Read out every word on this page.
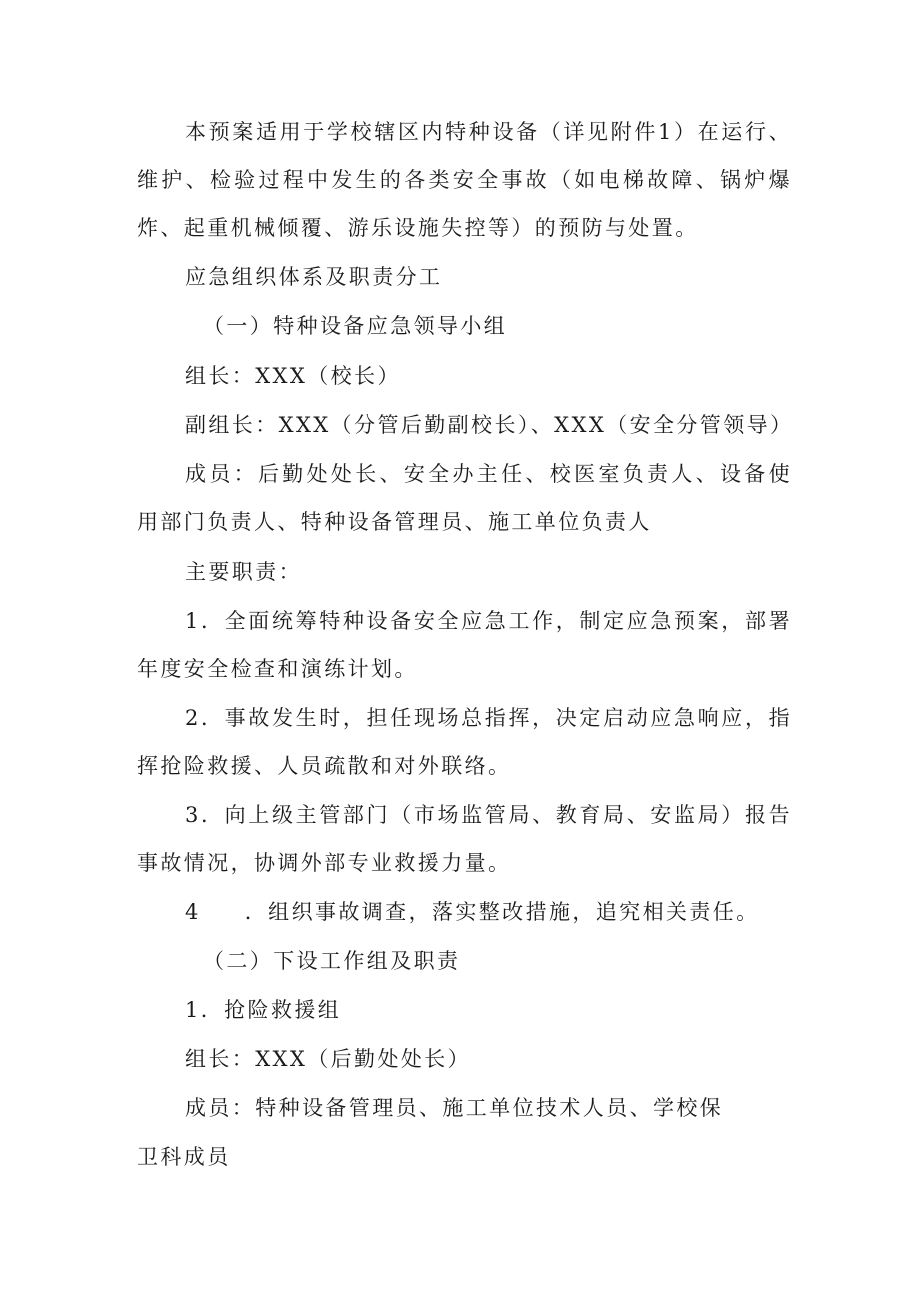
本预案适用于学校辖区内特种设备（详见附件1）在运行、维护、检验过程中发生的各类安全事故（如电梯故障、锅炉爆炸、起重机械倾覆、游乐设施失控等）的预防与处置。

应急组织体系及职责分工

（一）特种设备应急领导小组

组长：XXX（校长）

副组长：XXX（分管后勤副校长）、XXX（安全分管领导）

成员：后勤处处长、安全办主任、校医室负责人、设备使用部门负责人、特种设备管理员、施工单位负责人

主要职责：

1．全面统筹特种设备安全应急工作，制定应急预案，部署年度安全检查和演练计划。

2．事故发生时，担任现场总指挥，决定启动应急响应，指挥抢险救援、人员疏散和对外联络。

3．向上级主管部门（市场监管局、教育局、安监局）报告事故情况，协调外部专业救援力量。

4 ．组织事故调查，落实整改措施，追究相关责任。

（二）下设工作组及职责

1．抢险救援组

组长：XXX（后勤处处长）

成员：特种设备管理员、施工单位技术人员、学校保

卫科成员
